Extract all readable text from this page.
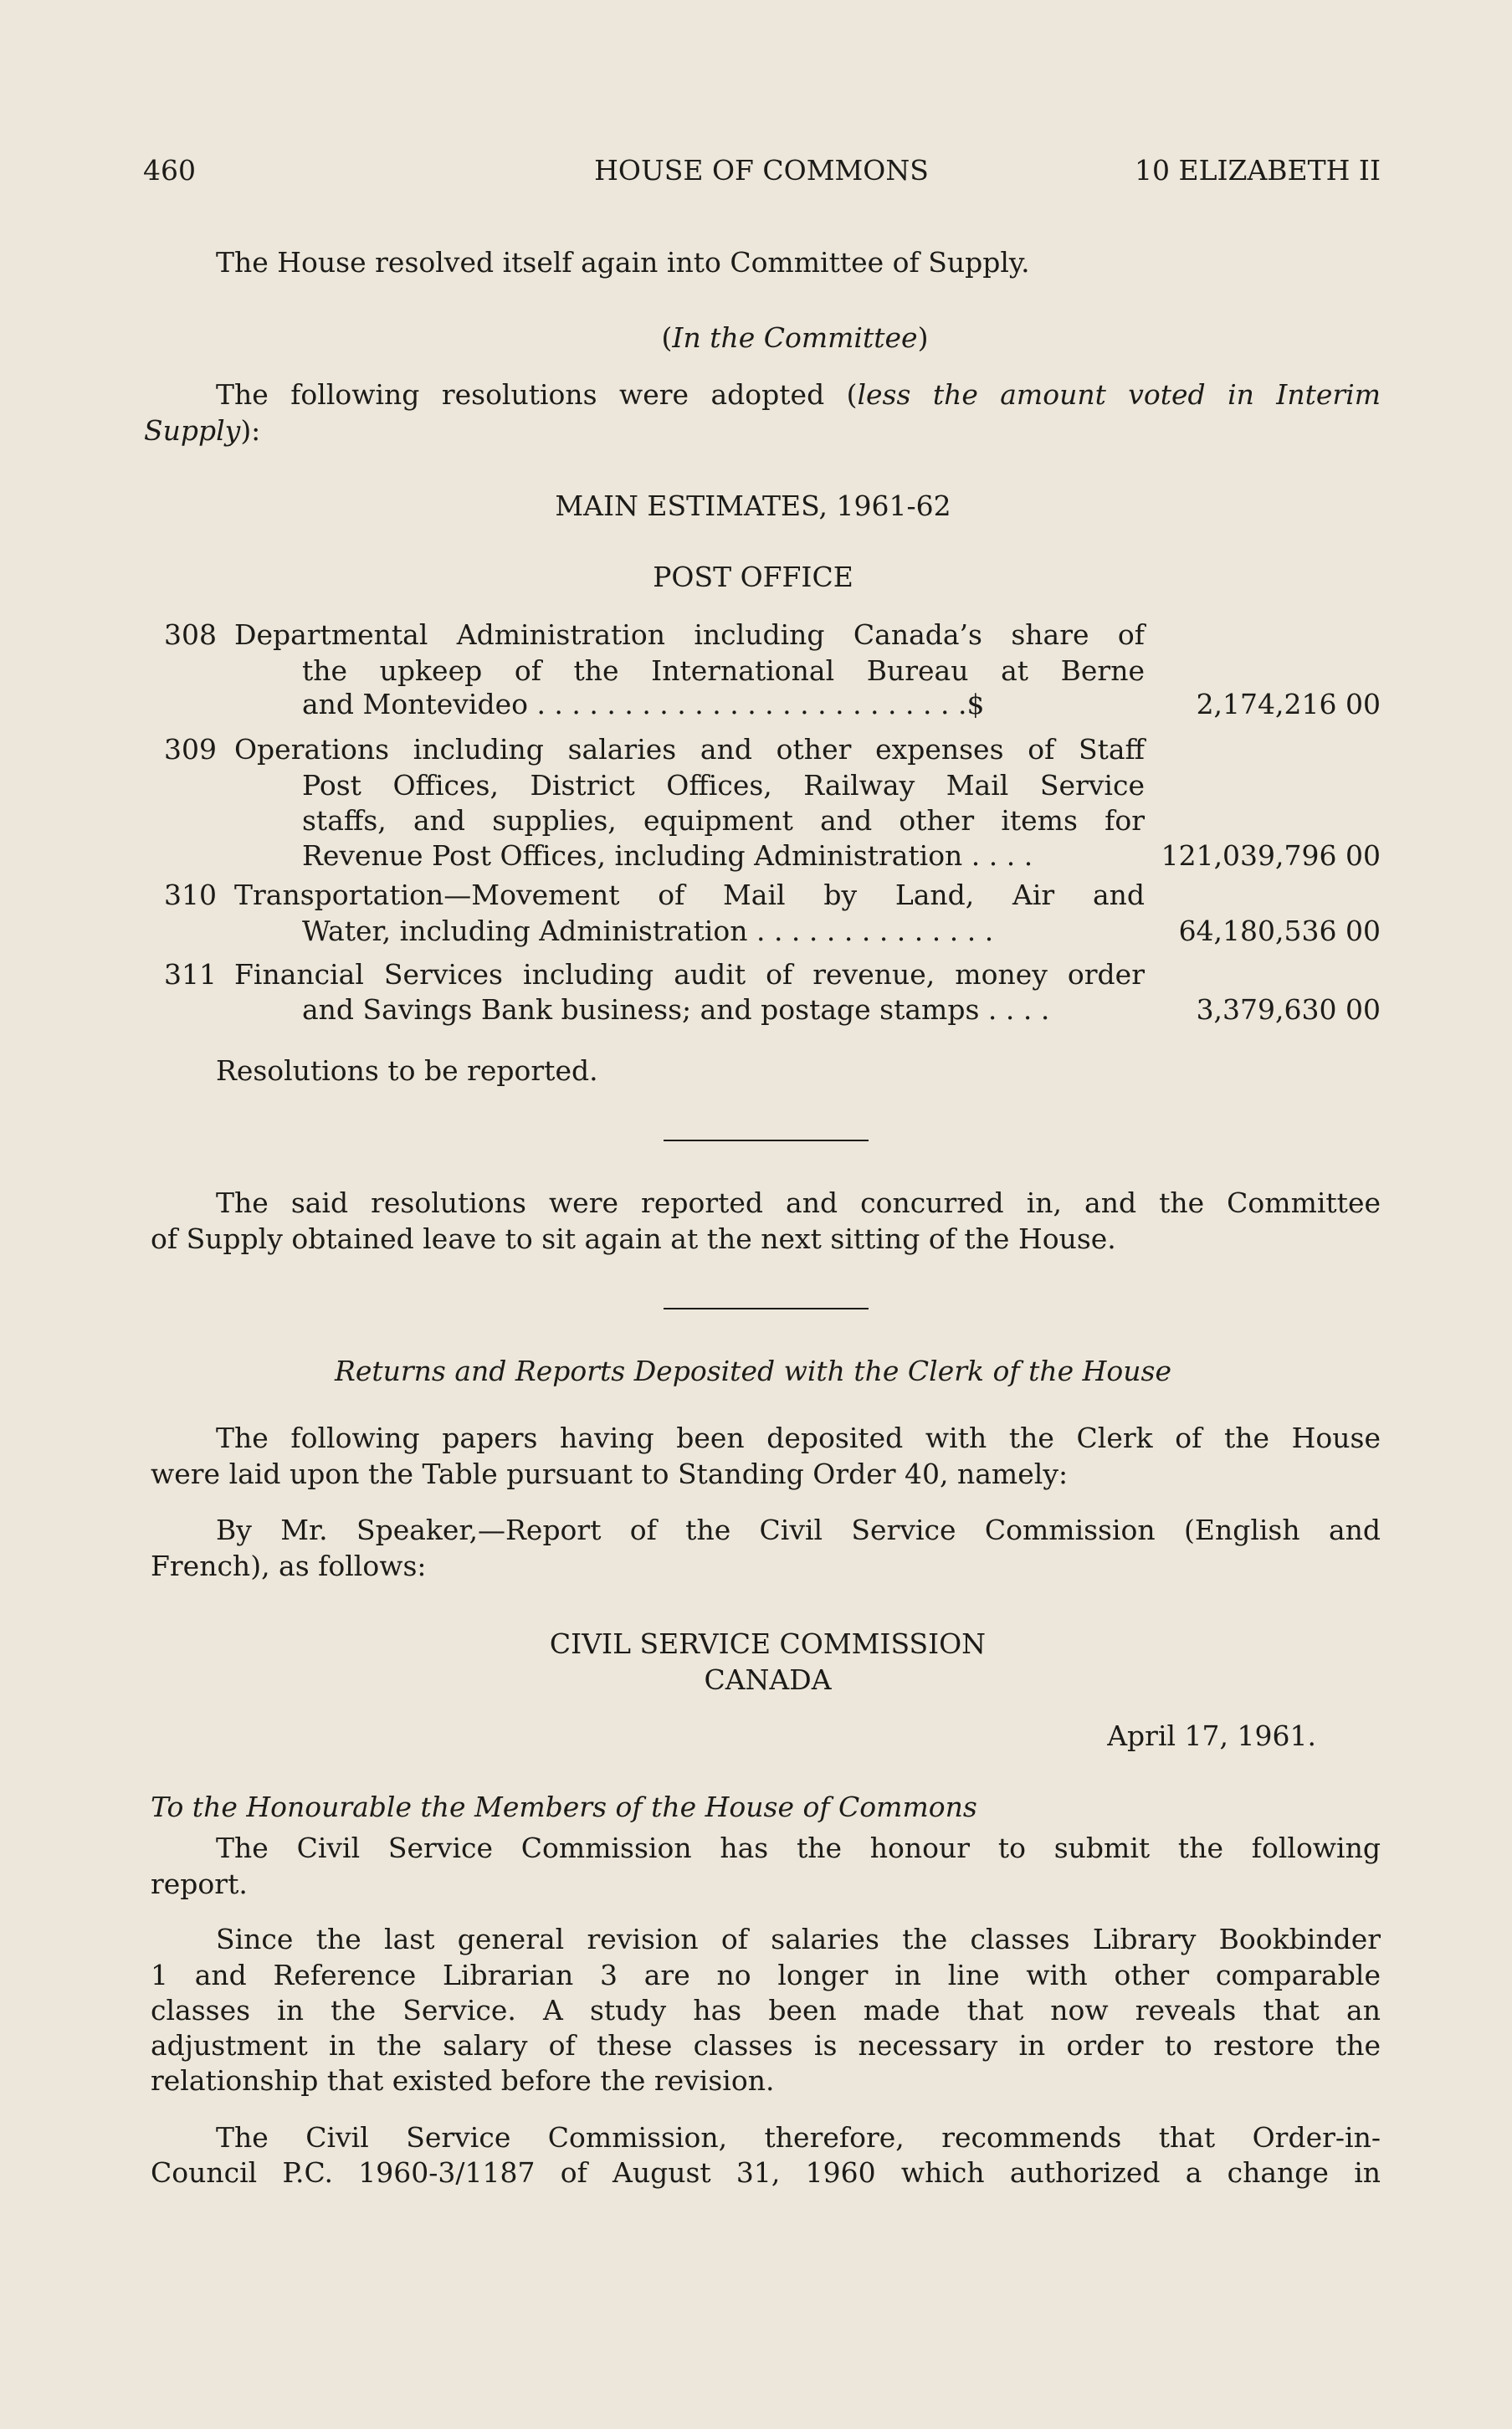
460	HOUSE OF COMMONS	10 ELIZABETH II
The House resolved itself again into Committee of Supply.
(In the Committee)
The following resolutions were adopted (less the amount voted in Interim
Supply):
MAIN ESTIMATES, 1961-62
POST OFFICE
308 Departmental Administration including Canada’s share of
the upkeep of the International Bureau at Berne
and Montevideo . . . . . . . . . . . . . . . . . . . . . . . . .$	2,174,216 00
309 Operations including salaries and other expenses of Staff
Post Offices, District Offices, Railway Mail Service
staffs, and supplies, equipment and other items for
Revenue Post Offices, including Administration . . . .	121,039,796 00
310 Transportation—Movement of Mail by Land, Air and
Water, including Administration . . . . . . . . . . . . . .	64,180,536 00
311 Financial Services including audit of revenue, money order
and Savings Bank business; and postage stamps . . . .	3,379,630 00
Resolutions to be reported.
The said resolutions were reported and concurred in, and the Committee
of Supply obtained leave to sit again at the next sitting of the House.
Returns and Reports Deposited with the Clerk of the House
The following papers having been deposited with the Clerk of the House
were laid upon the Table pursuant to Standing Order 40, namely:
By Mr. Speaker,—Report of the Civil Service Commission (English and
French), as follows:
CIVIL SERVICE COMMISSION
CANADA
April 17, 1961.
To the Honourable the Members of the House of Commons
The Civil Service Commission has the honour to submit the following
report.
Since the last general revision of salaries the classes Library Bookbinder
1 and Reference Librarian 3 are no longer in line with other comparable
classes in the Service. A study has been made that now reveals that an
adjustment in the salary of these classes is necessary in order to restore the
relationship that existed before the revision.
The Civil Service Commission, therefore, recommends that Order-in-
Council P.C. 1960-3/1187 of August 31, 1960 which authorized a change in
